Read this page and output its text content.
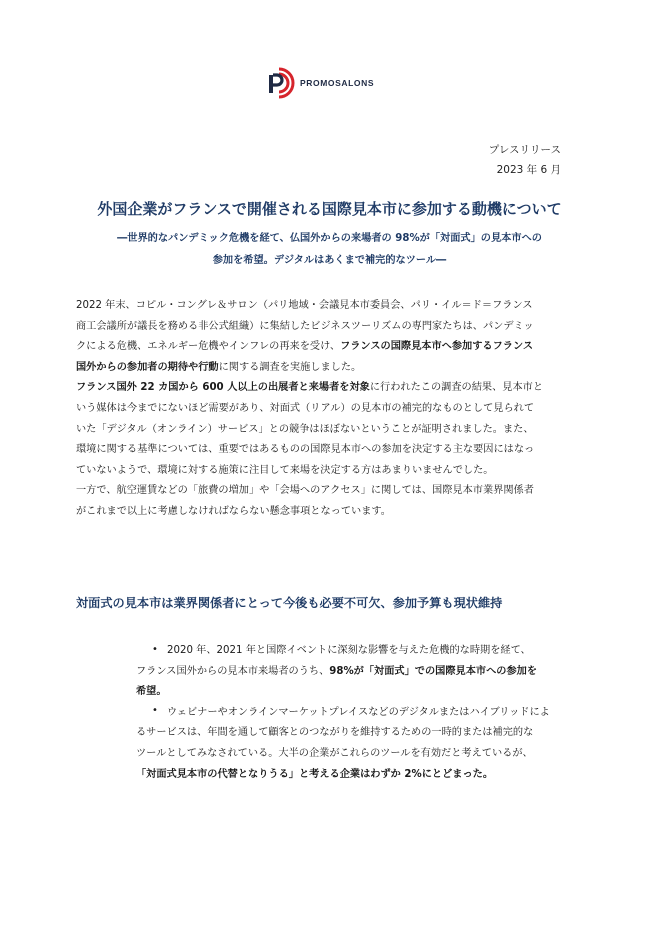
PROMOSALONS
プレスリリース
2023 年 6 月
外国企業がフランスで開催される国際見本市に参加する動機について
―世界的なパンデミック危機を経て、仏国外からの来場者の 98%が「対面式」の見本市への
参加を希望。デジタルはあくまで補完的なツール―
2022 年末、コピル・コングレ＆サロン（パリ地域・会議見本市委員会、パリ・イル＝ド＝フランス
商工会議所が議長を務める非公式組織）に集結したビジネスツーリズムの専門家たちは、パンデミッ
クによる危機、エネルギー危機やインフレの再来を受け、フランスの国際見本市へ参加するフランス
国外からの参加者の期待や行動に関する調査を実施しました。
フランス国外 22 カ国から 600 人以上の出展者と来場者を対象に行われたこの調査の結果、見本市と
いう媒体は今までにないほど需要があり、対面式（リアル）の見本市の補完的なものとして見られて
いた「デジタル（オンライン）サービス」との競争はほぼないということが証明されました。また、
環境に関する基準については、重要ではあるものの国際見本市への参加を決定する主な要因にはなっ
ていないようで、環境に対する施策に注目して来場を決定する方はあまりいませんでした。
一方で、航空運賃などの「旅費の増加」や「会場へのアクセス」に関しては、国際見本市業界関係者
がこれまで以上に考慮しなければならない懸念事項となっています。
対面式の見本市は業界関係者にとって今後も必要不可欠、参加予算も現状維持
•
•
2020 年、2021 年と国際イベントに深刻な影響を与えた危機的な時期を経て、
フランス国外からの見本市来場者のうち、98%が「対面式」での国際見本市への参加を
希望。
ウェビナーやオンラインマーケットプレイスなどのデジタルまたはハイブリッドによ
るサービスは、年間を通して顧客とのつながりを維持するための一時的または補完的な
ツールとしてみなされている。大半の企業がこれらのツールを有効だと考えているが、
「対面式見本市の代替となりうる」と考える企業はわずか 2%にとどまった。
